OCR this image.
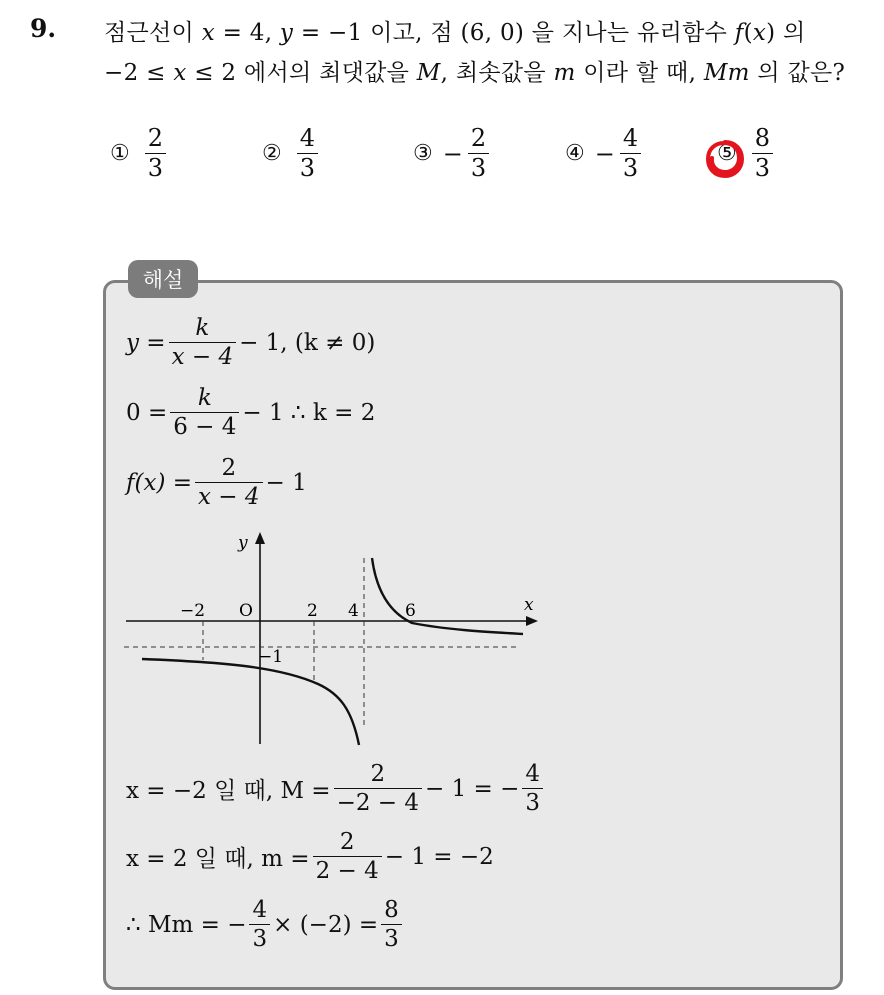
9. 점근선이 x = 4, y = −1 이고, 점 (6, 0) 을 지나는 유리함수 f(x) 의
−2 ≤ x ≤ 2 에서의 최댓값을 M, 최솟값을 m 이라 할 때, Mm 의 값은?
① $\frac{2}{3}$	② $\frac{4}{3}$	③ − $\frac{2}{3}$	④ − $\frac{4}{3}$	⑤ $\frac{8}{3}$
해설
$y = \frac{k}{x - 4} - 1$, (k ≠ 0)
$0 = \frac{k}{6 - 4} - 1$ ∴ k = 2
$f(x) = \frac{2}{x - 4} - 1$
y
x
O
−2	2 4	6
−1
x = −2 일 때, $M = \frac{2}{-2 - 4} - 1$ = − $\frac{4}{3}$
x = 2 일 때, $m = \frac{2}{2 - 4} - 1 = -2$
∴ Mm = − $\frac{4}{3} \times (-2) = \frac{8}{3}$
